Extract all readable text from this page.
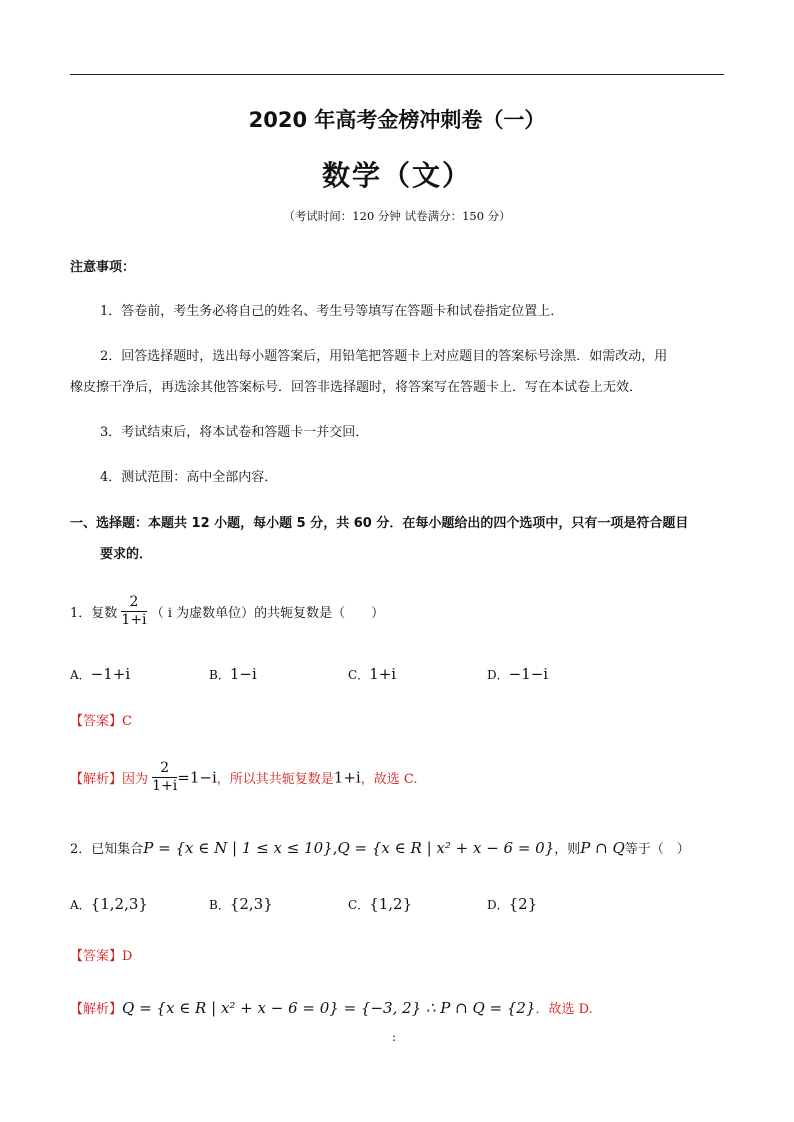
2020 年高考金榜冲刺卷（一）
数学（文）
（考试时间：120 分钟 试卷满分：150 分）
注意事项：
1．答卷前，考生务必将自己的姓名、考生号等填写在答题卡和试卷指定位置上．
2．回答选择题时，选出每小题答案后，用铅笔把答题卡上对应题目的答案标号涂黑．如需改动，用
橡皮擦干净后，再选涂其他答案标号．回答非选择题时，将答案写在答题卡上．写在本试卷上无效．
3．考试结束后，将本试卷和答题卡一并交回．
4．测试范围：高中全部内容．
一、选择题：本题共 12 小题，每小题 5 分，共 60 分．在每小题给出的四个选项中，只有一项是符合题目
要求的．
1．复数 $\frac{2}{1+i}$ （ i 为虚数单位）的共轭复数是（　　）
A．−1+i	B．1−i	C．1+i	D．−1−i
【答案】C
【解析】因为 $\frac{2}{1+i} =1-i$，所以其共轭复数是1+i，故选 C.
2．已知集合P = {x ∈ N | 1 ≤ x ≤ 10},Q = {x ∈ R | x² + x − 6 = 0}，则P ∩ Q等于（　）
A．{1,2,3}	B．{2,3}	C．{1,2}	D．{2}
【答案】D
【解析】Q = {x ∈ R | x² + x − 6 = 0} = {−3, 2} ∴ P ∩ Q = {2}．故选 D.
:
